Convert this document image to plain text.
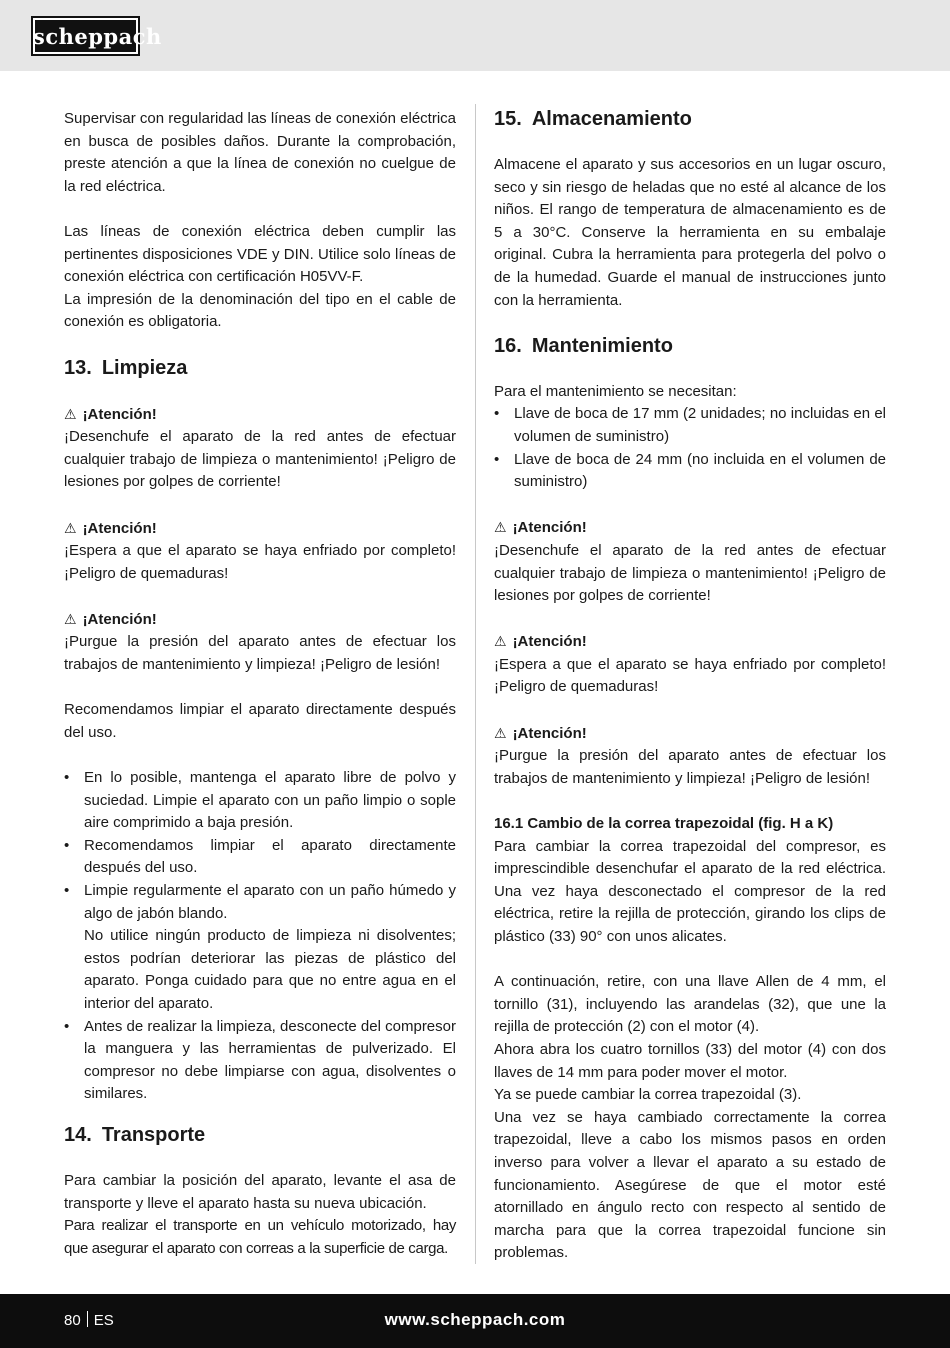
scheppach

Supervisar con regularidad las líneas de conexión eléctrica en busca de posibles daños. Durante la comprobación, preste atención a que la línea de conexión no cuelgue de la red eléctrica.

Las líneas de conexión eléctrica deben cumplir las pertinentes disposiciones VDE y DIN. Utilice solo líneas de conexión eléctrica con certificación H05VV-F.

La impresión de la denominación del tipo en el cable de conexión es obligatoria.

13. Limpieza
⚠ ¡Atención!

¡Desenchufe el aparato de la red antes de efectuar cualquier trabajo de limpieza o mantenimiento! ¡Peligro de lesiones por golpes de corriente!

⚠ ¡Atención!

¡Espera a que el aparato se haya enfriado por completo! ¡Peligro de quemaduras!

⚠ ¡Atención!

¡Purgue la presión del aparato antes de efectuar los trabajos de mantenimiento y limpieza! ¡Peligro de lesión!

Recomendamos limpiar el aparato directamente después del uso.

• En lo posible, mantenga el aparato libre de polvo y suciedad. Limpie el aparato con un paño limpio o sople aire comprimido a baja presión.
• Recomendamos limpiar el aparato directamente después del uso.
• Limpie regularmente el aparato con un paño húmedo y algo de jabón blando.
No utilice ningún producto de limpieza ni disolventes; estos podrían deteriorar las piezas de plástico del aparato. Ponga cuidado para que no entre agua en el interior del aparato.
• Antes de realizar la limpieza, desconecte del compresor la manguera y las herramientas de pulverizado. El compresor no debe limpiarse con agua, disolventes o similares.
14. Transporte

Para cambiar la posición del aparato, levante el asa de transporte y lleve el aparato hasta su nueva ubicación.

Para realizar el transporte en un vehículo motorizado, hay que asegurar el aparato con correas a la superficie de carga.

15. Almacenamiento

Almacene el aparato y sus accesorios en un lugar oscuro, seco y sin riesgo de heladas que no esté al alcance de los niños. El rango de temperatura de almacenamiento es de 5 a 30°C. Conserve la herramienta en su embalaje original. Cubra la herramienta para protegerla del polvo o de la humedad. Guarde el manual de instrucciones junto con la herramienta.

16. Mantenimiento

Para el mantenimiento se necesitan:

• Llave de boca de 17 mm (2 unidades; no incluidas en el volumen de suministro)
• Llave de boca de 24 mm (no incluida en el volumen de suministro)
⚠ ¡Atención!

¡Desenchufe el aparato de la red antes de efectuar cualquier trabajo de limpieza o mantenimiento! ¡Peligro de lesiones por golpes de corriente!

⚠ ¡Atención!

¡Espera a que el aparato se haya enfriado por completo! ¡Peligro de quemaduras!

⚠ ¡Atención!

¡Purgue la presión del aparato antes de efectuar los trabajos de mantenimiento y limpieza! ¡Peligro de lesión!

16.1 Cambio de la correa trapezoidal (fig. H a K)

Para cambiar la correa trapezoidal del compresor, es imprescindible desenchufar el aparato de la red eléctrica. Una vez haya desconectado el compresor de la red eléctrica, retire la rejilla de protección, girando los clips de plástico (33) 90° con unos alicates.

A continuación, retire, con una llave Allen de 4 mm, el tornillo (31), incluyendo las arandelas (32), que une la rejilla de protección (2) con el motor (4).

Ahora abra los cuatro tornillos (33) del motor (4) con dos llaves de 14 mm para poder mover el motor.

Ya se puede cambiar la correa trapezoidal (3).

Una vez se haya cambiado correctamente la correa trapezoidal, lleve a cabo los mismos pasos en orden inverso para volver a llevar el aparato a su estado de funcionamiento. Asegúrese de que el motor esté atornillado en ángulo recto con respecto al sentido de marcha para que la correa trapezoidal funcione sin problemas.

80 ES	www.scheppach.com
